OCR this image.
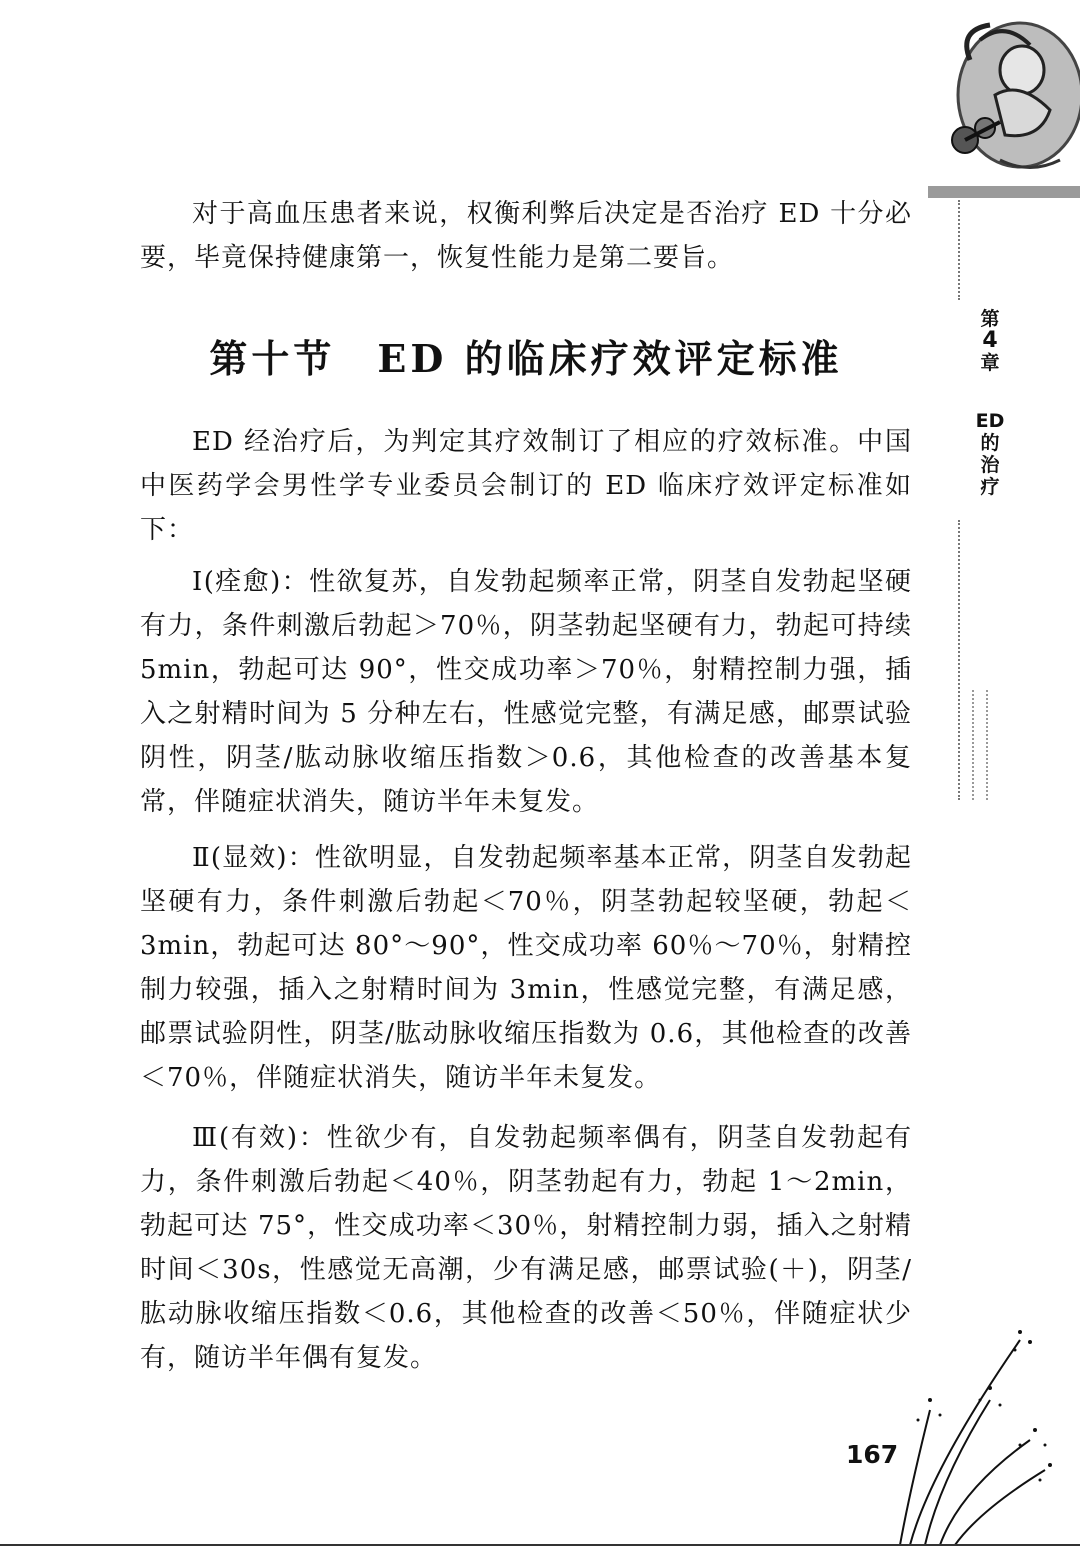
第
4
章
ED
的
治
疗

对于高血压患者来说，权衡利弊后决定是否治疗 ED 十分必要，毕竟保持健康第一，恢复性能力是第二要旨。

第十节 ED 的临床疗效评定标准

ED 经治疗后，为判定其疗效制订了相应的疗效标准。中国中医药学会男性学专业委员会制订的 ED 临床疗效评定标准如下：

Ⅰ(痊愈)：性欲复苏，自发勃起频率正常，阴茎自发勃起坚硬有力，条件刺激后勃起＞70％，阴茎勃起坚硬有力，勃起可持续 5min，勃起可达 90°，性交成功率＞70％，射精控制力强，插入之射精时间为 5 分种左右，性感觉完整，有满足感，邮票试验阴性，阴茎/肱动脉收缩压指数＞0.6，其他检查的改善基本复常，伴随症状消失，随访半年未复发。

Ⅱ(显效)：性欲明显，自发勃起频率基本正常，阴茎自发勃起坚硬有力，条件刺激后勃起＜70％，阴茎勃起较坚硬，勃起＜3min，勃起可达 80°～90°，性交成功率 60％～70％，射精控制力较强，插入之射精时间为 3min，性感觉完整，有满足感，邮票试验阴性，阴茎/肱动脉收缩压指数为 0.6，其他检查的改善＜70％，伴随症状消失，随访半年未复发。

Ⅲ(有效)：性欲少有，自发勃起频率偶有，阴茎自发勃起有力，条件刺激后勃起＜40％，阴茎勃起有力，勃起 1～2min，勃起可达 75°，性交成功率＜30％，射精控制力弱，插入之射精时间＜30s，性感觉无高潮，少有满足感，邮票试验(＋)，阴茎/肱动脉收缩压指数＜0.6，其他检查的改善＜50％，伴随症状少有，随访半年偶有复发。

167
